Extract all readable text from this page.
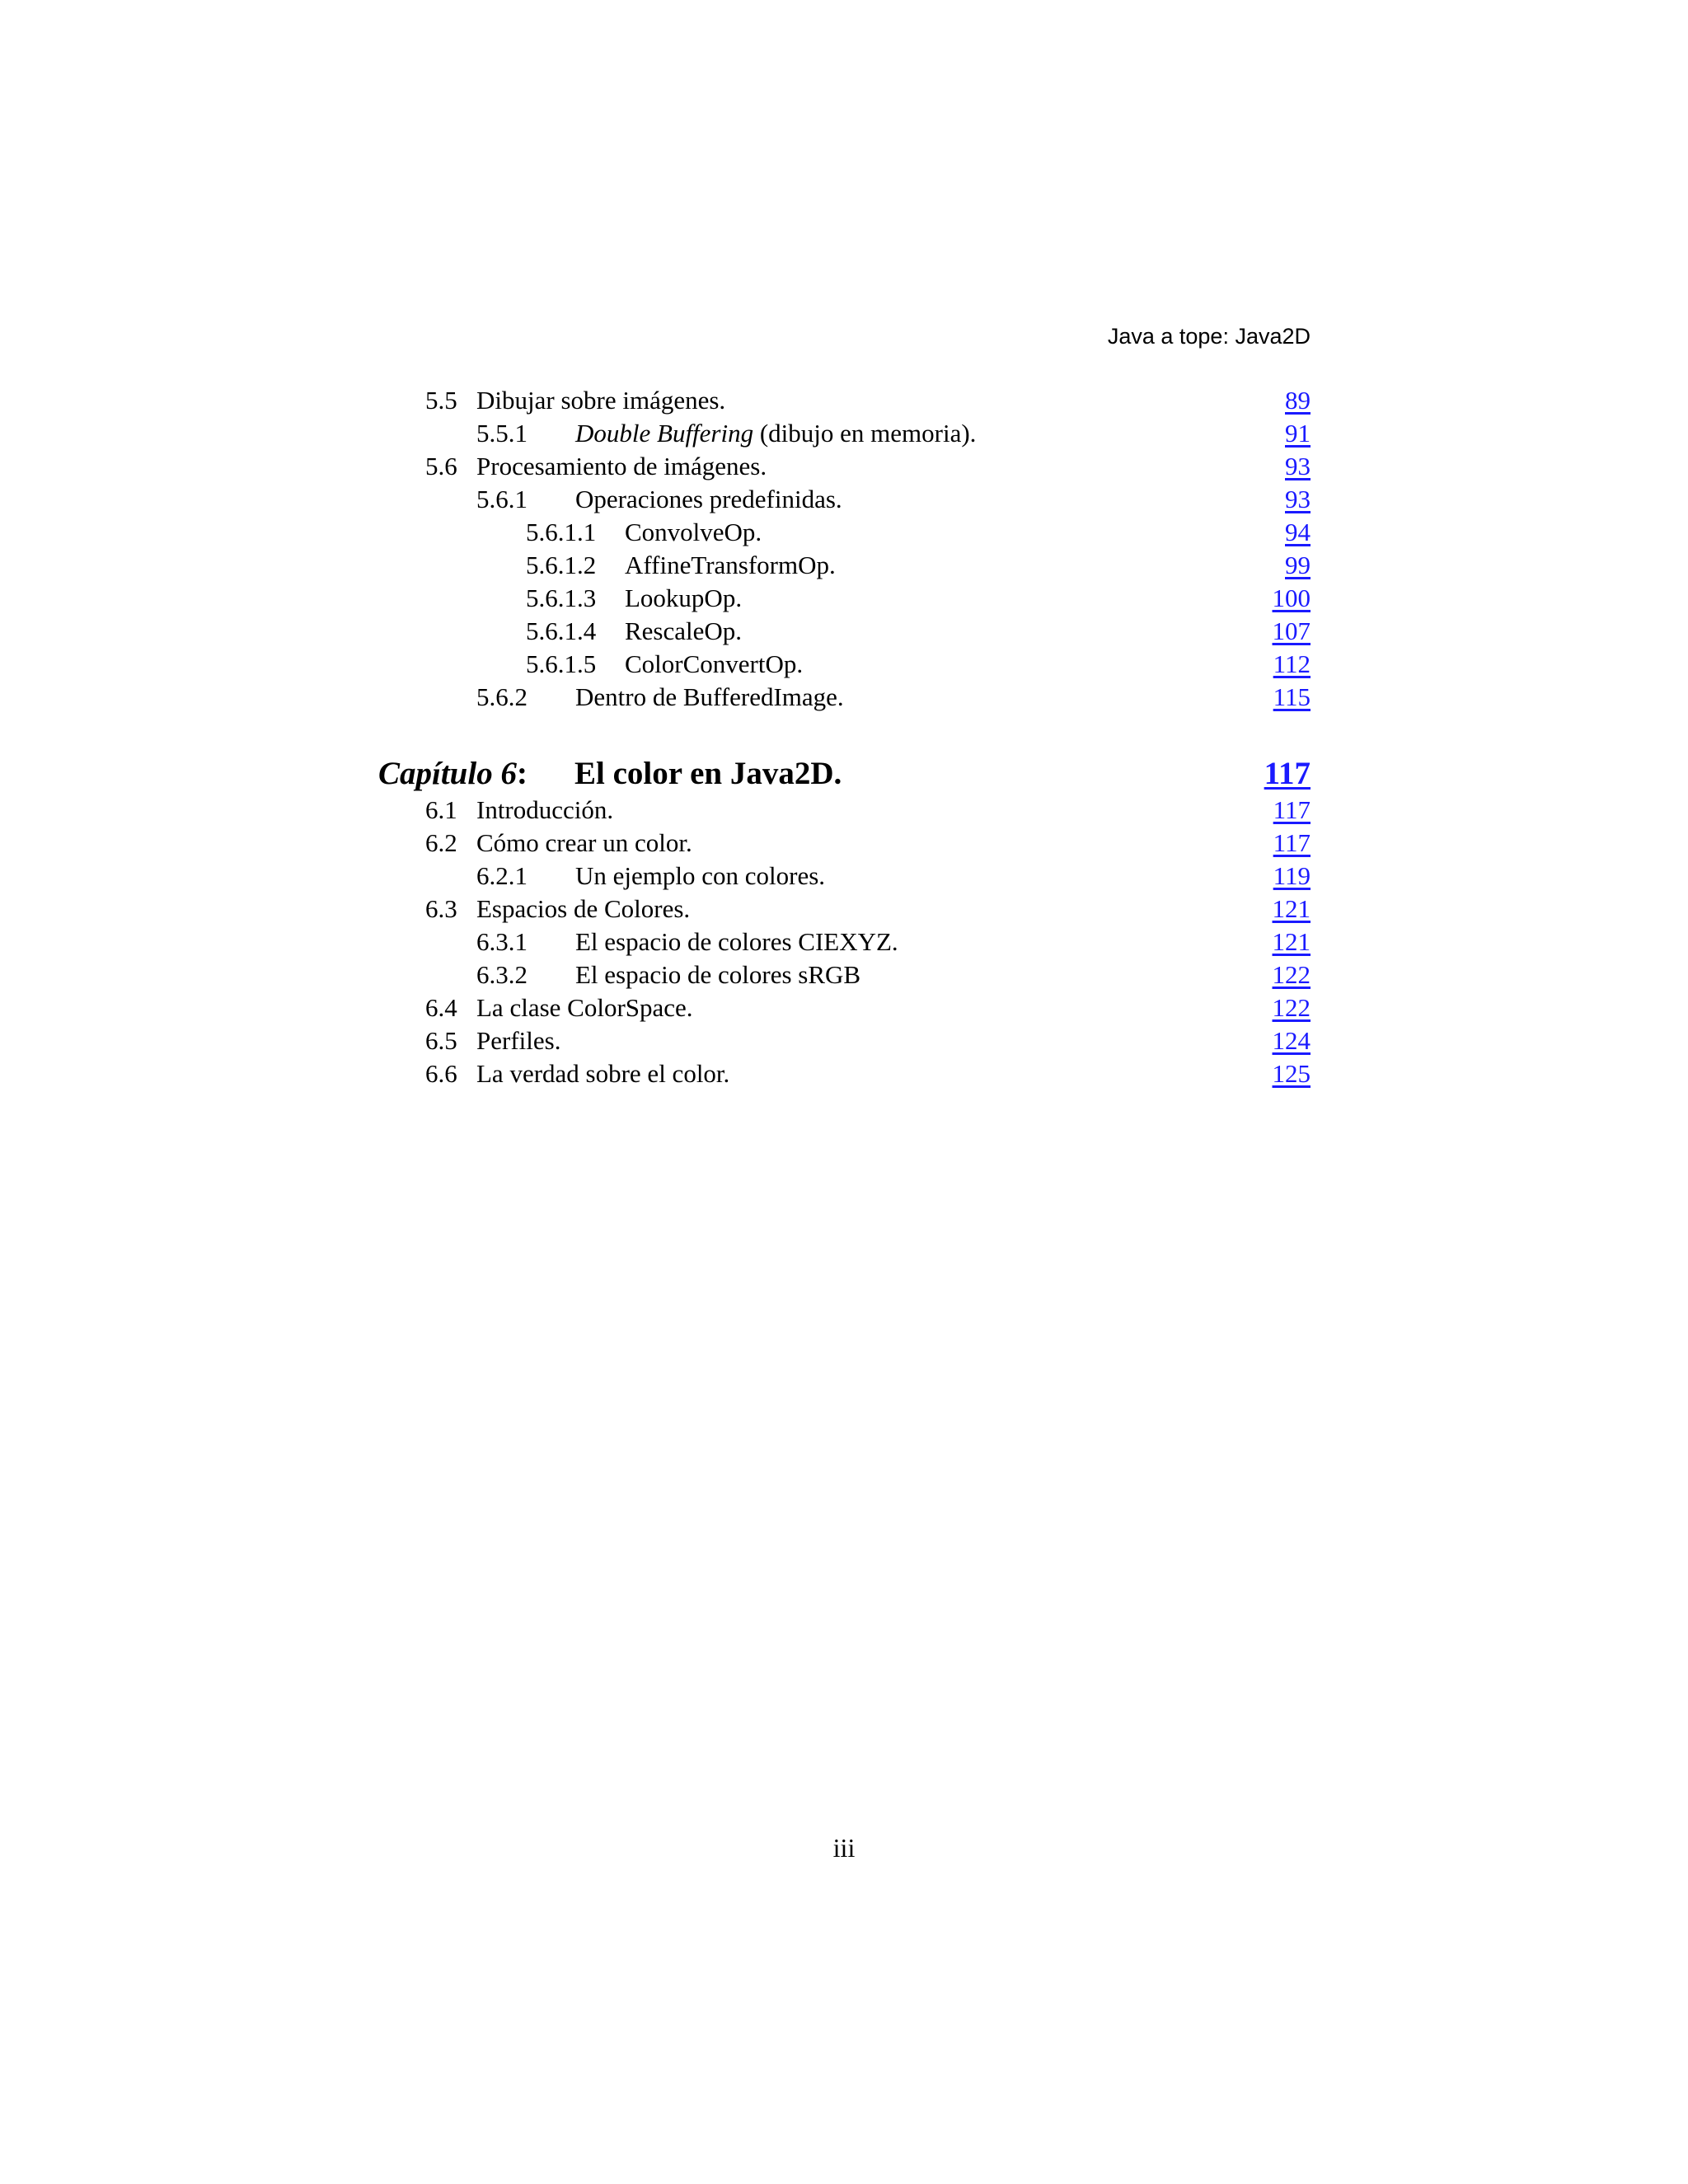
Java a tope: Java2D
5.5 Dibujar sobre imágenes.	89
5.5.1	Double Buffering (dibujo en memoria).	91
5.6 Procesamiento de imágenes.	93
5.6.1	Operaciones predefinidas.	93
5.6.1.1	ConvolveOp.	94
5.6.1.2	AffineTransformOp.	99
5.6.1.3	LookupOp.	100
5.6.1.4	RescaleOp.	107
5.6.1.5	ColorConvertOp.	112
5.6.2	Dentro de BufferedImage.	115
Capítulo 6:	El color en Java2D.	117
6.1 Introducción.	117
6.2 Cómo crear un color.	117
6.2.1	Un ejemplo con colores.	119
6.3 Espacios de Colores.	121
6.3.1	El espacio de colores CIEXYZ.	121
6.3.2	El espacio de colores sRGB	122
6.4 La clase ColorSpace.	122
6.5 Perfiles.	124
6.6 La verdad sobre el color.	125
iii
